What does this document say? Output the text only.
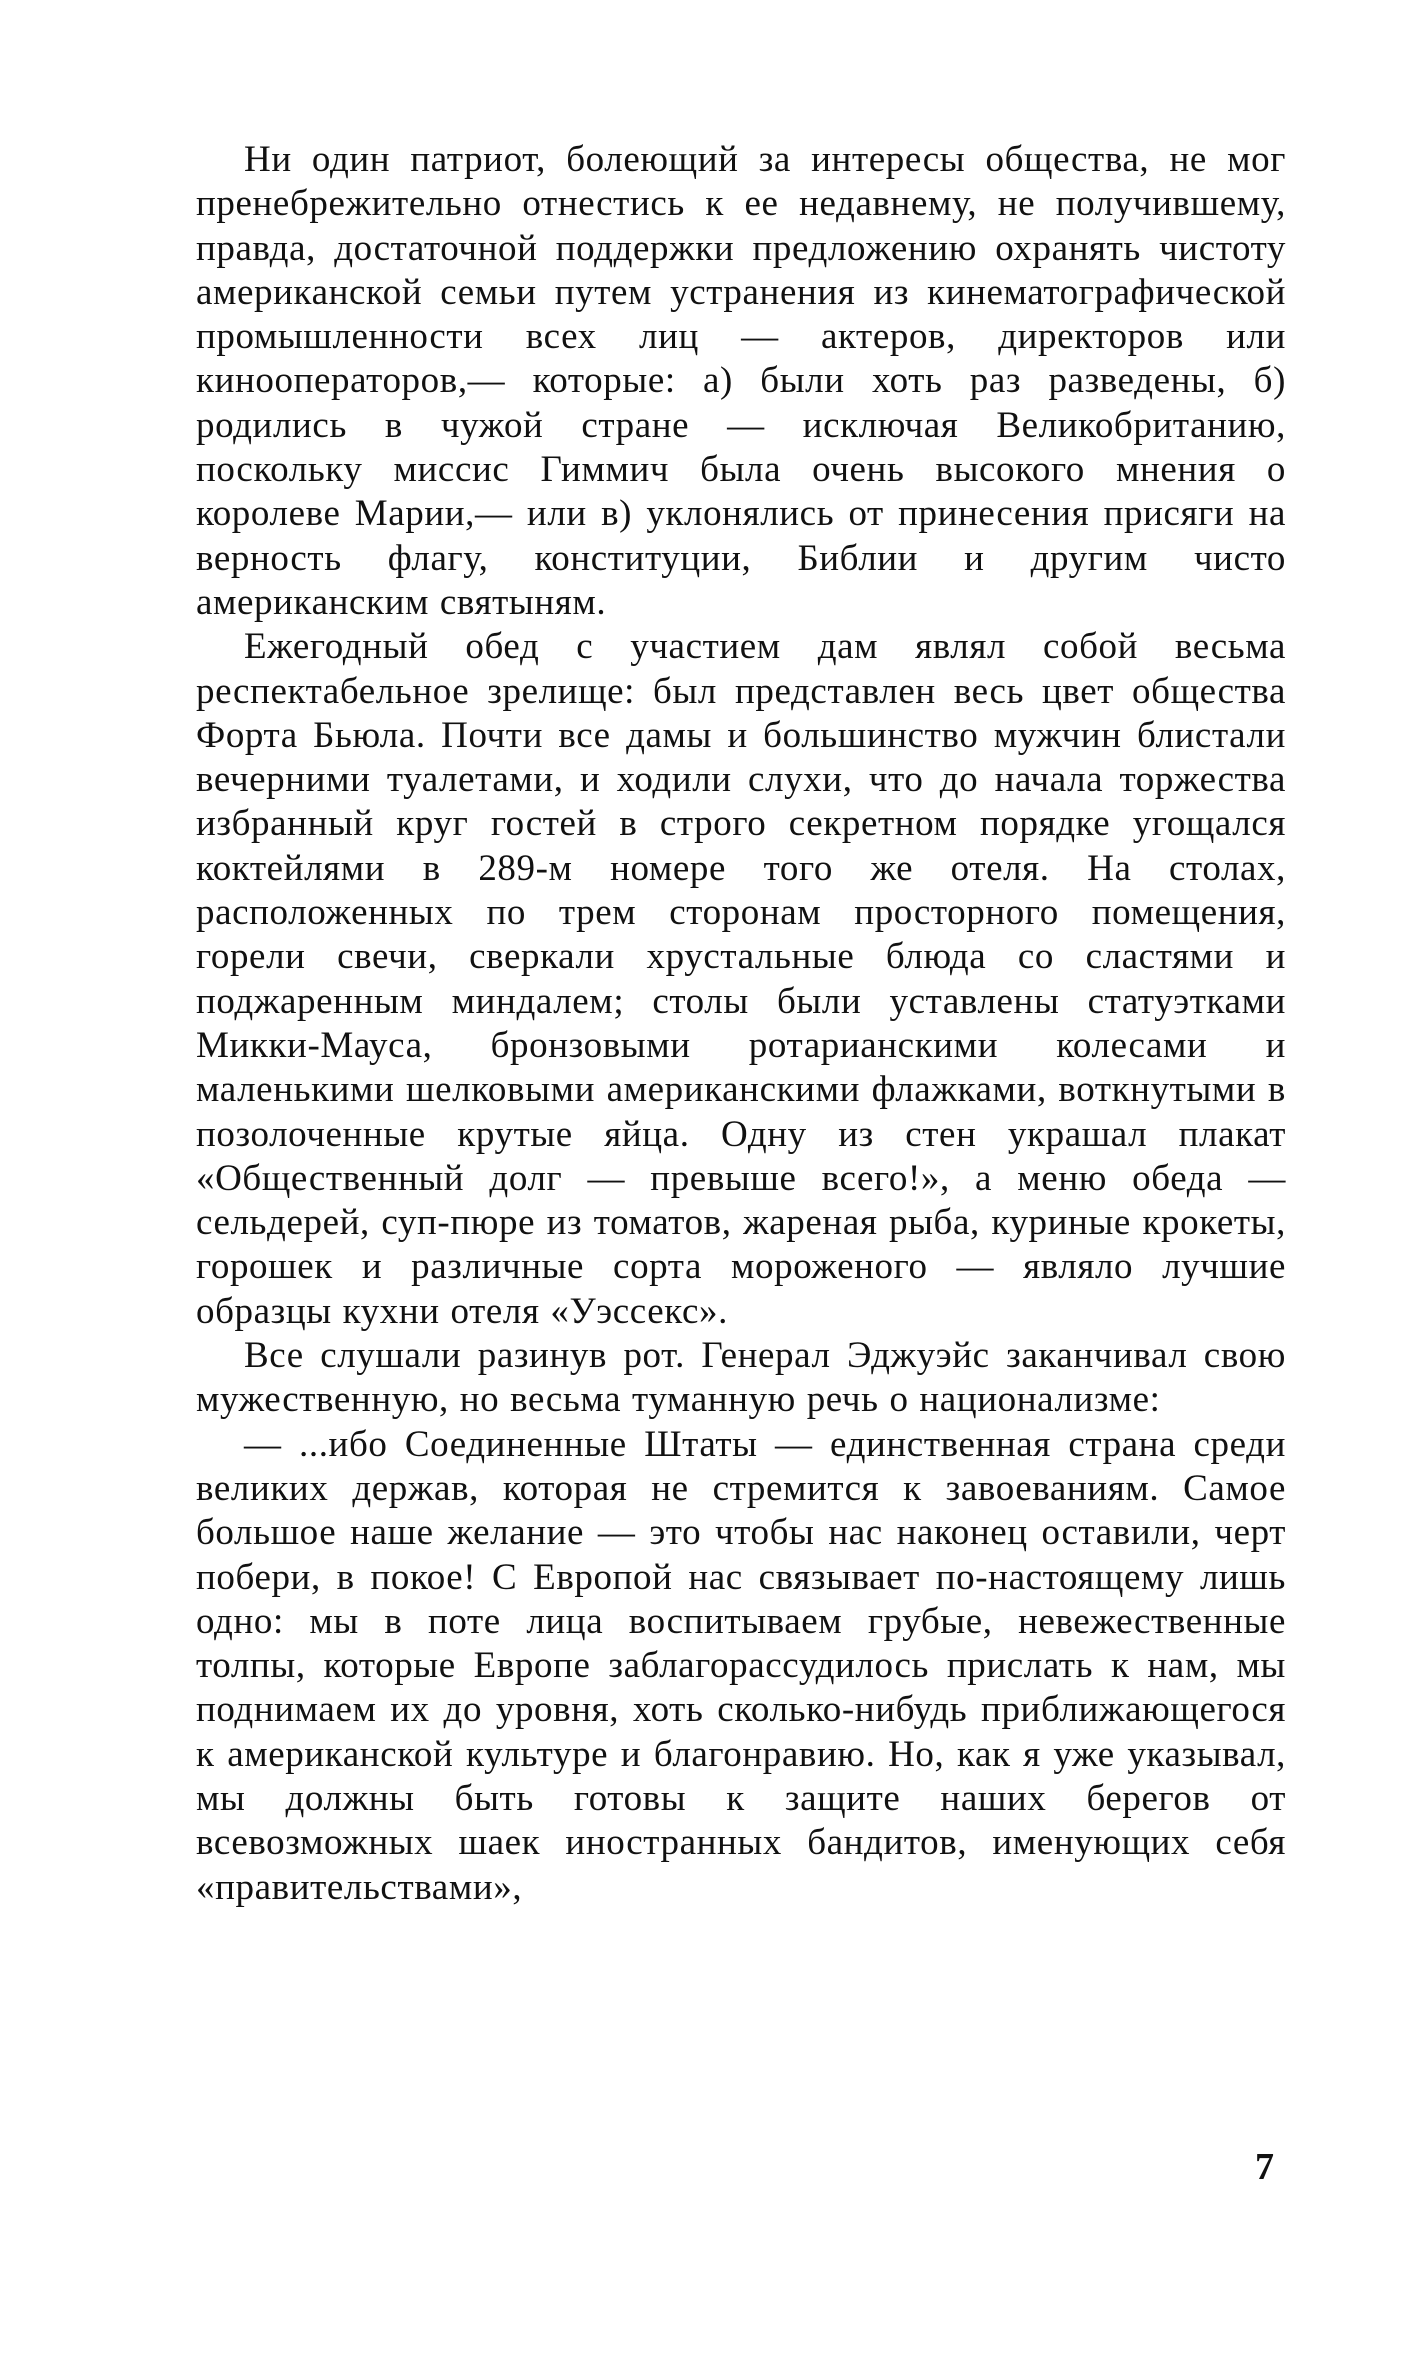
Ни один патриот, болеющий за интересы общества, не мог пренебрежительно отнестись к ее недавнему, не получившему, правда, достаточной поддержки предложению охранять чистоту американской семьи путем устранения из кинематографической промышленности всех лиц — актеров, директоров или кинооператоров,— которые: а) были хоть раз разведены, б) родились в чужой стране — исключая Великобританию, поскольку миссис Гиммич была очень высокого мнения о королеве Марии,— или в) уклонялись от принесения присяги на верность флагу, конституции, Библии и другим чисто американским святыням.

Ежегодный обед с участием дам являл собой весьма респектабельное зрелище: был представлен весь цвет общества Форта Бьюла. Почти все дамы и большинство мужчин блистали вечерними туалетами, и ходили слухи, что до начала торжества избранный круг гостей в строго секретном порядке угощался коктейлями в 289-м номере того же отеля. На столах, расположенных по трем сторонам просторного помещения, горели свечи, сверкали хрустальные блюда со сластями и поджаренным миндалем; столы были уставлены статуэтками Микки-Мауса, бронзовыми ротарианскими колесами и маленькими шелковыми американскими флажками, воткнутыми в позолоченные крутые яйца. Одну из стен украшал плакат «Общественный долг — превыше всего!», а меню обеда — сельдерей, суп-пюре из томатов, жареная рыба, куриные крокеты, горошек и различные сорта мороженого — являло лучшие образцы кухни отеля «Уэссекс».

Все слушали разинув рот. Генерал Эджуэйс заканчивал свою мужественную, но весьма туманную речь о национализме:

— ...ибо Соединенные Штаты — единственная страна среди великих держав, которая не стремится к завоеваниям. Самое большое наше желание — это чтобы нас наконец оставили, черт побери, в покое! С Европой нас связывает по-настоящему лишь одно: мы в поте лица воспитываем грубые, невежественные толпы, которые Европе заблагорассудилось прислать к нам, мы поднимаем их до уровня, хоть сколько-нибудь приближающегося к американской культуре и благонравию. Но, как я уже указывал, мы должны быть готовы к защите наших берегов от всевозможных шаек иностранных бандитов, именующих себя «правительствами»,

7
